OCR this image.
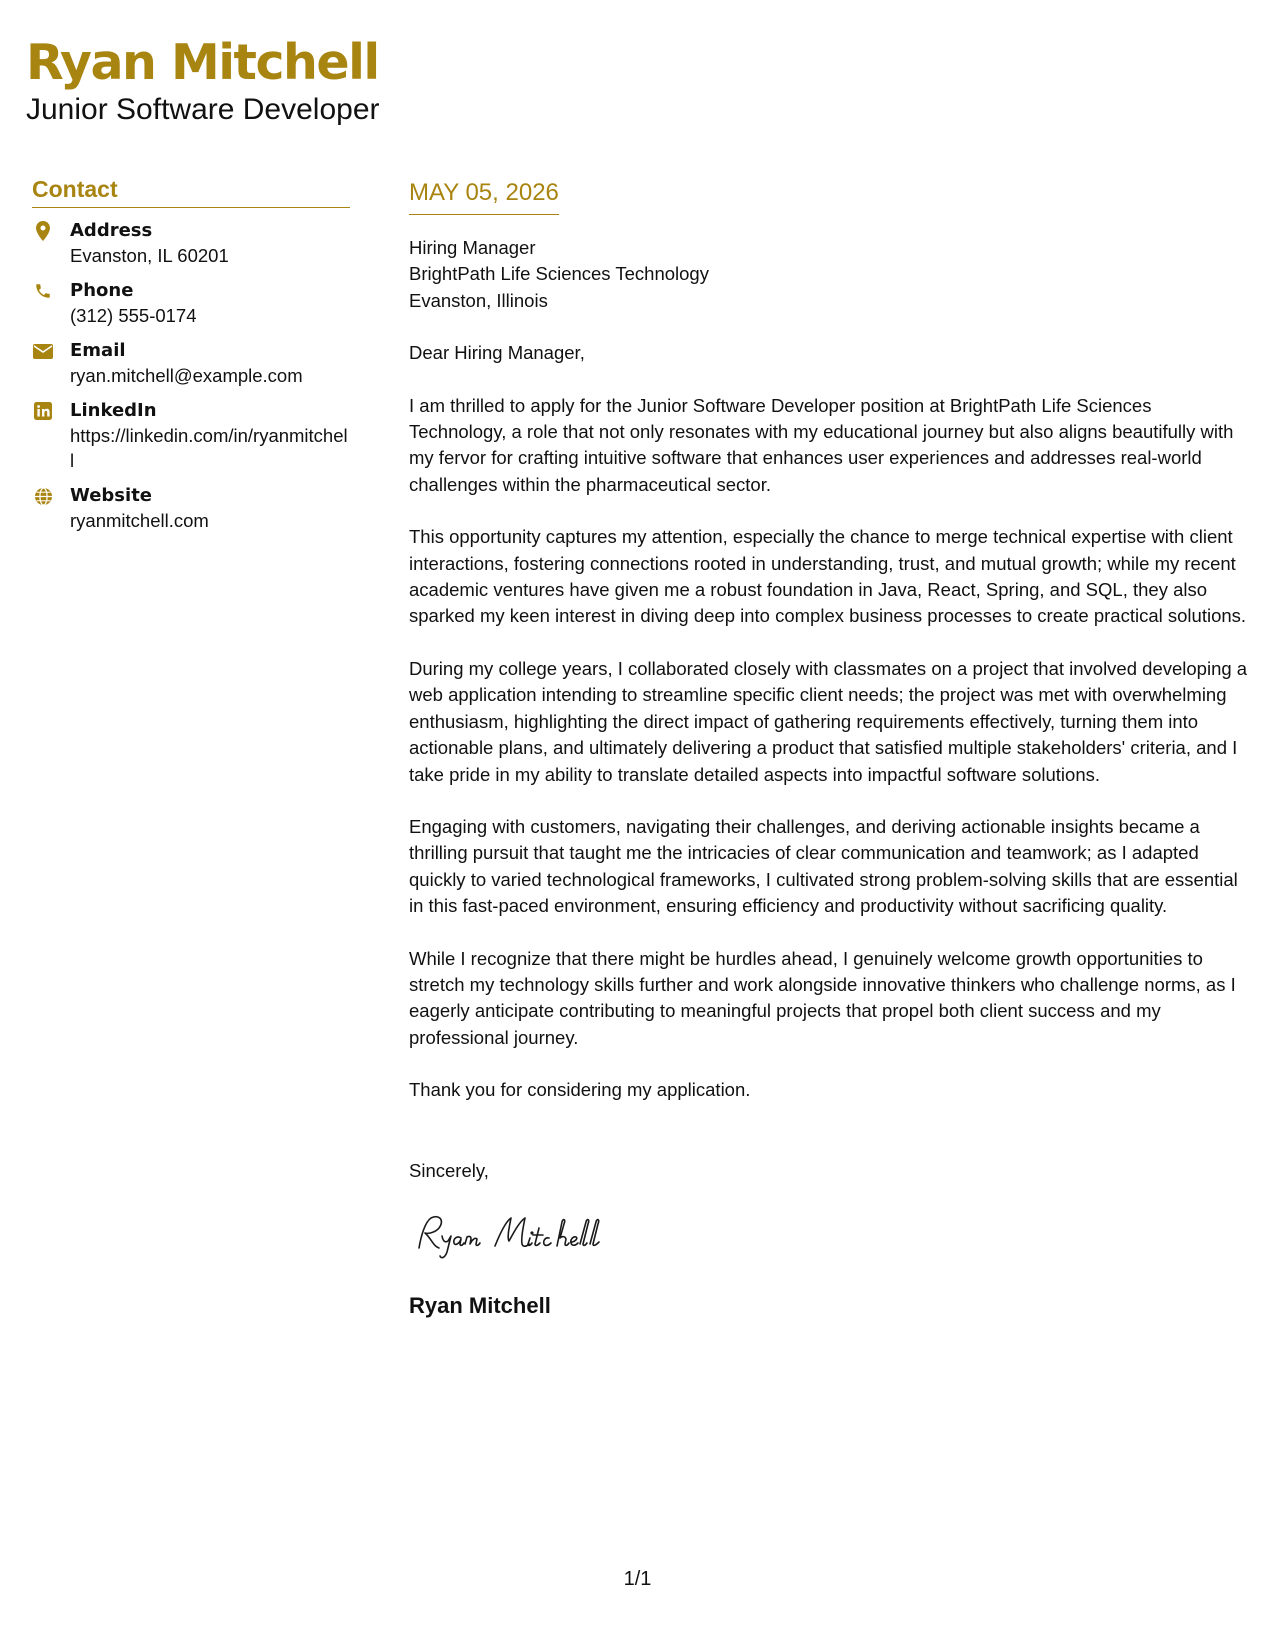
Ryan Mitchell
Junior Software Developer
Contact
Address
Evanston, IL 60201
Phone
(312) 555-0174
Email
ryan.mitchell@example.com
LinkedIn
https://linkedin.com/in/ryanmitchell
Website
ryanmitchell.com
MAY 05, 2026
Hiring Manager
BrightPath Life Sciences Technology
Evanston, Illinois
Dear Hiring Manager,

I am thrilled to apply for the Junior Software Developer position at BrightPath Life Sciences Technology, a role that not only resonates with my educational journey but also aligns beautifully with my fervor for crafting intuitive software that enhances user experiences and addresses real-world challenges within the pharmaceutical sector.

This opportunity captures my attention, especially the chance to merge technical expertise with client interactions, fostering connections rooted in understanding, trust, and mutual growth; while my recent academic ventures have given me a robust foundation in Java, React, Spring, and SQL, they also sparked my keen interest in diving deep into complex business processes to create practical solutions.

During my college years, I collaborated closely with classmates on a project that involved developing a web application intending to streamline specific client needs; the project was met with overwhelming enthusiasm, highlighting the direct impact of gathering requirements effectively, turning them into actionable plans, and ultimately delivering a product that satisfied multiple stakeholders' criteria, and I take pride in my ability to translate detailed aspects into impactful software solutions.

Engaging with customers, navigating their challenges, and deriving actionable insights became a thrilling pursuit that taught me the intricacies of clear communication and teamwork; as I adapted quickly to varied technological frameworks, I cultivated strong problem-solving skills that are essential in this fast-paced environment, ensuring efficiency and productivity without sacrificing quality.

While I recognize that there might be hurdles ahead, I genuinely welcome growth opportunities to stretch my technology skills further and work alongside innovative thinkers who challenge norms, as I eagerly anticipate contributing to meaningful projects that propel both client success and my professional journey.

Thank you for considering my application.

Sincerely,
Ryan Mitchell
1/1
